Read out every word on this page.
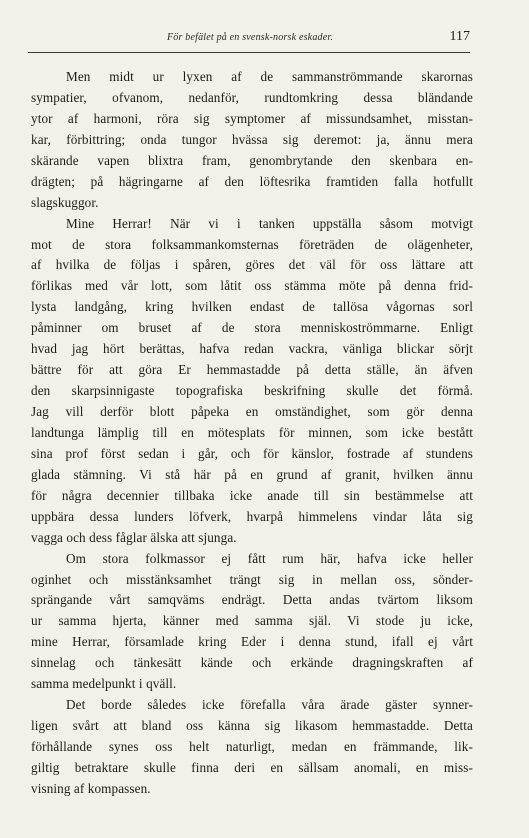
För befälet på en svensk-norsk eskader.	117
Men midt ur lyxen af de sammanströmmande skarornas
sympatier, ofvanom, nedanför, rundtomkring dessa bländande
ytor af harmoni, röra sig symptomer af missundsamhet, misstan-
kar, förbittring; onda tungor hvässa sig deremot: ja, ännu mera
skärande vapen blixtra fram, genombrytande den skenbara en-
drägten; på hägringarne af den löftesrika framtiden falla hotfullt
slagskuggor.
Mine Herrar! När vi i tanken uppställa såsom motvigt
mot de stora folksammankomsternas företräden de olägenheter,
af hvilka de följas i spåren, göres det väl för oss lättare att
förlikas med vår lott, som låtit oss stämma möte på denna frid-
lysta landgång, kring hvilken endast de tallösa vågornas sorl
påminner om bruset af de stora menniskoströmmarne. Enligt
hvad jag hört berättas, hafva redan vackra, vänliga blickar sörjt
bättre för att göra Er hemmastadde på detta ställe, än äfven
den skarpsinnigaste topografiska beskrifning skulle det förmå.
Jag vill derför blott påpeka en omständighet, som gör denna
landtunga lämplig till en mötesplats för minnen, som icke bestått
sina prof först sedan i går, och för känslor, fostrade af stundens
glada stämning. Vi stå här på en grund af granit, hvilken ännu
för några decennier tillbaka icke anade till sin bestämmelse att
uppbära dessa lunders löfverk, hvarpå himmelens vindar låta sig
vagga och dess fåglar älska att sjunga.
Om stora folkmassor ej fått rum här, hafva icke heller
oginhet och misstänksamhet trängt sig in mellan oss, sönder-
sprängande vårt samqväms endrägt. Detta andas tvärtom liksom
ur samma hjerta, känner med samma själ. Vi stode ju icke,
mine Herrar, församlade kring Eder i denna stund, ifall ej vårt
sinnelag och tänkesätt kände och erkände dragningskraften af
samma medelpunkt i qväll.
Det borde således icke förefalla våra ärade gäster synner-
ligen svårt att bland oss känna sig likasom hemmastadde. Detta
förhållande synes oss helt naturligt, medan en främmande, lik-
giltig betraktare skulle finna deri en sällsam anomali, en miss-
visning af kompassen.
